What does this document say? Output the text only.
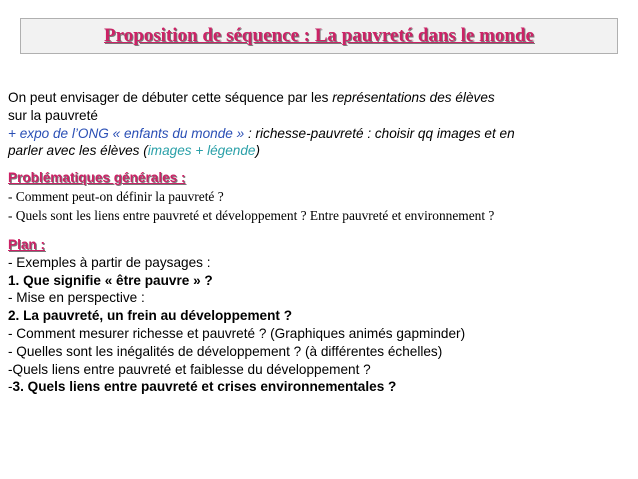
Proposition de séquence : La pauvreté dans le monde

On peut envisager de débuter cette séquence par les représentations des élèves

sur la pauvreté

+ expo de l’ONG « enfants du monde » : richesse-pauvreté : choisir qq images et en

parler avec les élèves (images + légende)

Problématiques générales :

- Comment peut-on définir la pauvreté ?

- Quels sont les liens entre pauvreté et développement ? Entre pauvreté et environnement ?

Plan :

- Exemples à partir de paysages :

1. Que signifie « être pauvre » ?

- Mise en perspective :

2. La pauvreté, un frein au développement ?

- Comment mesurer richesse et pauvreté ? (Graphiques animés gapminder)

- Quelles sont les inégalités de développement ? (à différentes échelles)

-Quels liens entre pauvreté et faiblesse du développement ?

-3. Quels liens entre pauvreté et crises environnementales ?
